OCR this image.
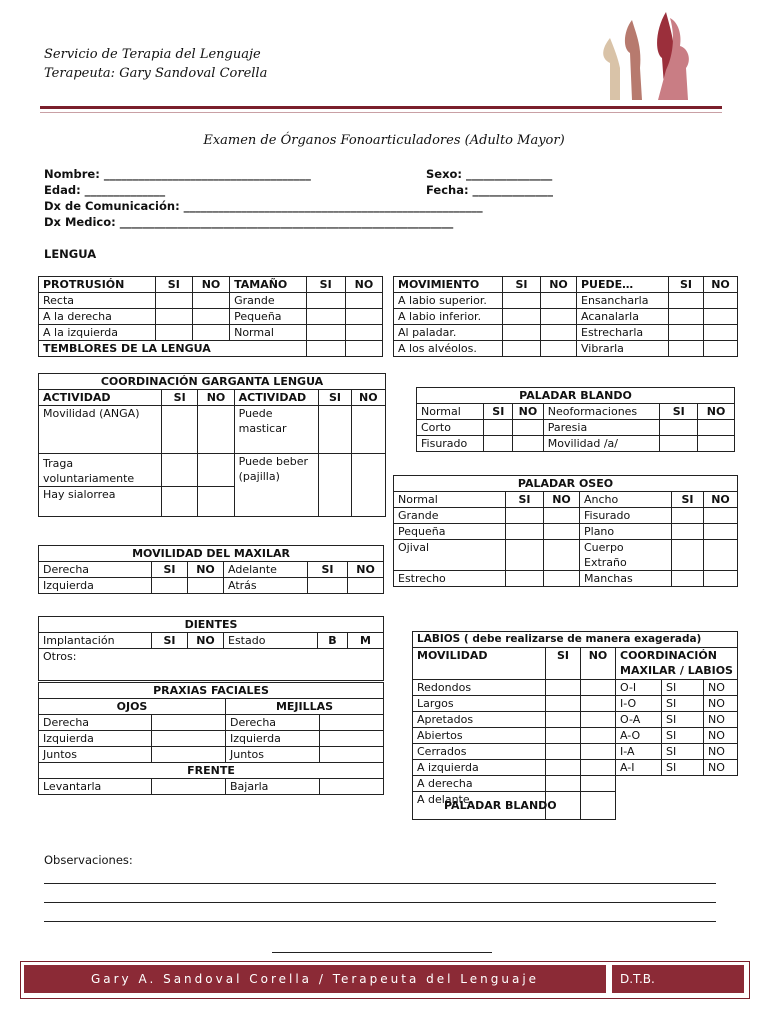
Servicio de Terapia del Lenguaje
Terapeuta: Gary Sandoval Corella
Examen de Órganos Fonoarticuladores (Adulto Mayor)
Nombre: ____________________________________	Sexo: _______________
Edad: ______________	Fecha: ______________
Dx de Comunicación: ____________________________________________________
Dx Medico: __________________________________________________________
LENGUA
PROTRUSIÓN	SI	NO	TAMAÑO	SI	NO
Recta			Grande		
A la derecha			Pequeña		
A la izquierda			Normal		
TEMBLORES DE LA LENGUA					
MOVIMIENTO	SI	NO	PUEDE…	SI	NO
A labio superior.			Ensancharla		
A labio inferior.			Acanalarla		
Al paladar.			Estrecharla		
A los alvéolos.			Vibrarla		
COORDINACIÓN GARGANTA LENGUA					
ACTIVIDAD	SI	NO	ACTIVIDAD	SI	NO
Movilidad (ANGA)			Puede masticar		
Traga voluntariamente			Puede beber (pajilla)		
Hay sialorrea					
PALADAR BLANDO					
Normal	SI	NO	Neoformaciones	SI	NO
Corto			Paresia		
Fisurado			Movilidad /a/		
PALADAR OSEO					
Normal	SI	NO	Ancho	SI	NO
Grande			Fisurado		
Pequeña			Plano		
Ojival			Cuerpo Extraño		
Estrecho			Manchas		
MOVILIDAD DEL MAXILAR					
Derecha	SI	NO	Adelante	SI	NO
Izquierda			Atrás		
DIENTES
Implantación	SI	NO	Estado	B	M
Otros:
PRAXIAS FACIALES			
OJOS		MEJILLAS	
Derecha		Derecha	
Izquierda		Izquierda	
Juntos		Juntos	
FRENTE			
Levantarla		Bajarla	
LABIOS ( debe realizarse de manera exagerada)					
MOVILIDAD	SI	NO	COORDINACIÓN MAXILAR / LABIOS		
Redondos			O-I	SI	NO
Largos			I-O	SI	NO
Apretados			O-A	SI	NO
Abiertos			A-O	SI	NO
Cerrados			I-A	SI	NO
A izquierda			A-I	SI	NO
A derecha					
A delante					
PALADAR BLANDO
Observaciones:
Gary A. Sandoval Corella / Terapeuta del Lenguaje	D.T.B.
